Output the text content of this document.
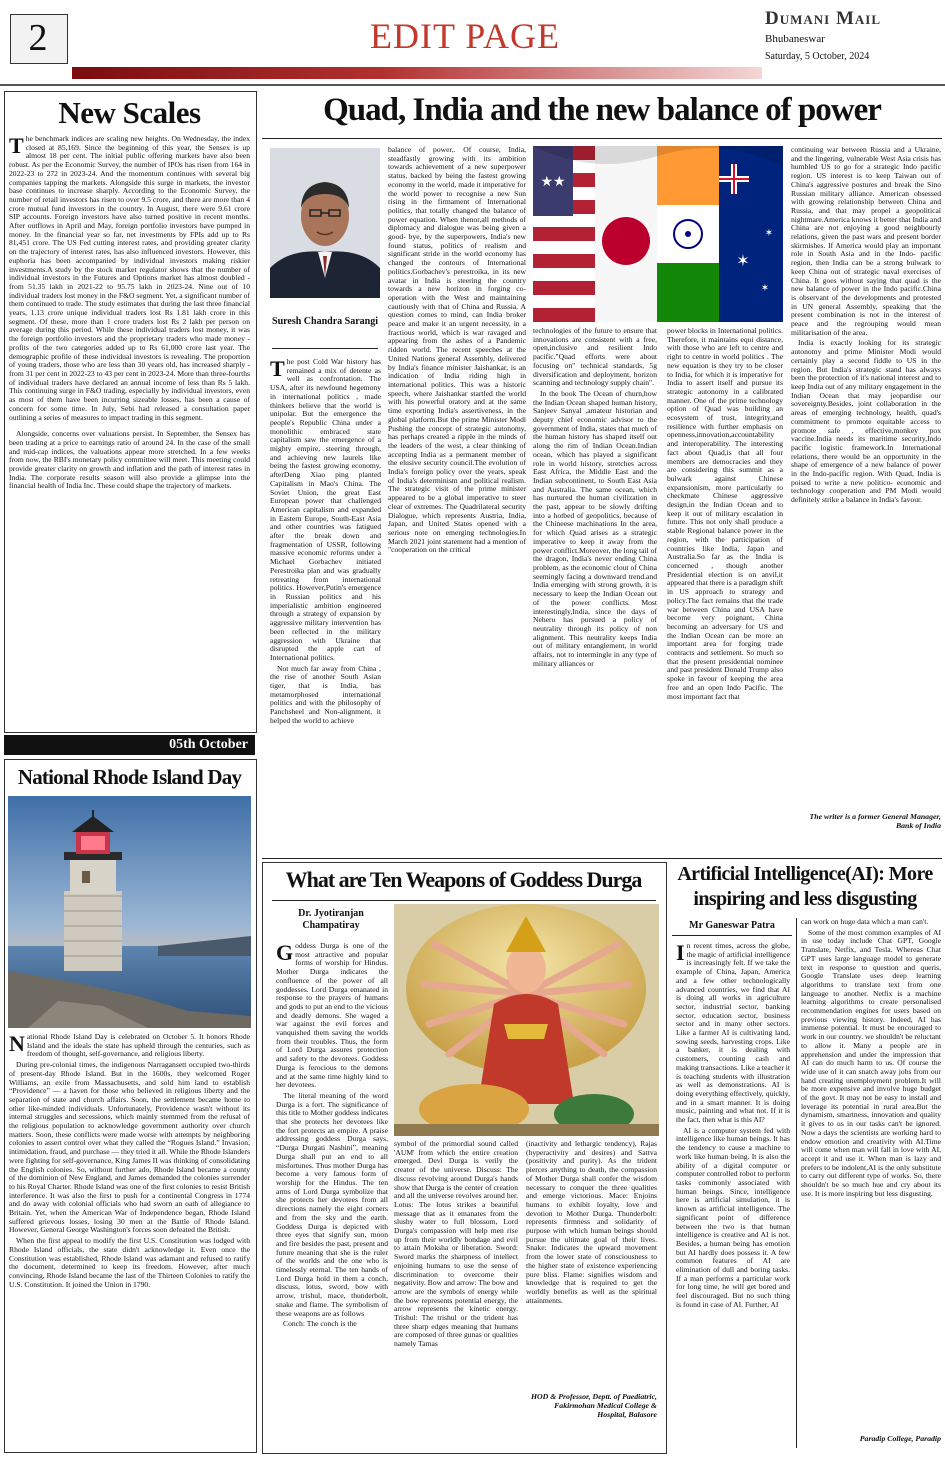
2	EDIT PAGE	Dumani Mail
Bhubaneswar
Saturday, 5 October, 2024
New Scales

The benchmark indices are scaling new heights. On Wednesday, the index closed at 85,169. Since the beginning of this year, the Sensex is up almost 18 per cent. The initial public offering markets have also been robust. As per the Economic Survey, the number of IPOs has risen from 164 in 2022-23 to 272 in 2023-24. And the momentum continues with several big companies tapping the markets. Alongside this surge in markets, the investor base continues to increase sharply. According to the Economic Survey, the number of retail investors has risen to over 9.5 crore, and there are more than 4 crore mutual fund investors in the country. In August, there were 9.61 crore SIP accounts. Foreign investors have also turned positive in recent months. After outflows in April and May, foreign portfolio investors have pumped in money. In the financial year so far, net investments by FPIs add up to Rs 81,451 crore. The US Fed cutting interest rates, and providing greater clarity on the trajectory of interest rates, has also influenced investors. However, this euphoria has been accompanied by individual investors making riskier investments.A study by the stock market regulator shows that the number of individual investors in the Futures and Options market has almost doubled - from 51.35 lakh in 2021-22 to 95.75 lakh in 2023-24. Nine out of 10 individual traders lost money in the F&O segment. Yet, a significant number of them continued to trade. The study estimates that during the last three financial years, 1.13 crore unique individual traders lost Rs 1.81 lakh crore in this segment. Of these, more than 1 crore traders lost Rs 2 lakh per person on average during this period. While these individual traders lost money, it was the foreign portfolio investors and the proprietary traders who made money - profits of the two categories added up to Rs 61,000 crore last year. The demographic profile of these individual investors is revealing. The proportion of young traders, those who are less than 30 years old, has increased sharply - from 31 per cent in 2022-23 to 43 per cent in 2023-24. More than three-fourths of individual traders have declared an annual income of less than Rs 5 lakh. This continuing surge in F&O trading, especially by individual investors, even as most of them have been incurring sizeable losses, has been a cause of concern for some time. In July, Sebi had released a consultation paper outlining a series of measures to impact trading in this segment.

Alongside, concerns over valuations persist. In September, the Sensex has been trading at a price to earnings ratio of around 24. In the case of the small and mid-cap indices, the valuations appear more stretched. In a few weeks from now, the RBI's monetary policy committee will meet. This meeting could provide greater clarity on growth and inflation and the path of interest rates in India. The corporate results season will also provide a glimpse into the financial health of India Inc. These could shape the trajectory of markets.

05th October
National Rhode Island Day

National Rhode Island Day is celebrated on October 5. It honors Rhode Island and the ideals the state has upheld through the centuries, such as freedom of thought, self-governance, and religious liberty.

During pre-colonial times, the indigenous Narragansett occupied two-thirds of present-day Rhode Island. But in the 1600s, they welcomed Roger Williams, an exile from Massachusetts, and sold him land to establish “Providence” — a haven for those who believed in religious liberty and the separation of state and church affairs. Soon, the settlement became home to other like-minded individuals. Unfortunately, Providence wasn't without its internal struggles and secessions, which mainly stemmed from the refusal of the religious population to acknowledge government authority over church matters. Soon, these conflicts were made worse with attempts by neighboring colonies to assert control over what they called the “Rogues Island.” Invasion, intimidation, fraud, and purchase — they tried it all. While the Rhode Islanders were fighting for self-governance, King James II was thinking of consolidating the English colonies. So, without further ado, Rhode Island became a county of the dominion of New England, and James demanded the colonies surrender to his Royal Charter. Rhode Island was one of the first colonies to resist British interference. It was also the first to push for a continental Congress in 1774 and do away with colonial officials who had sworn an oath of allegiance to Britain. Yet, when the American War of Independence began, Rhode Island suffered grievous losses, losing 30 men at the Battle of Rhode Island. However, General George Washington's forces soon defeated the British.

When the first appeal to modify the first U.S. Constitution was lodged with Rhode Island officials, the state didn't acknowledge it. Even once the Constitution was established, Rhode Island was adamant and refused to ratify the document, determined to keep its freedom. However, after much convincing, Rhode Island became the last of the Thirteen Colonies to ratify the U.S. Constitution. It joined the Union in 1790.

Quad, India and the new balance of power
Suresh Chandra Sarangi

The post Cold War history has remained a mix of detente as well as confrontation. The USA, after its newfound hegemony in international politics , made thinkers believe that the world is unipolar. But the emergence the people's Republic China under a monolithic embraced state capitalism saw the emergence of a mighty empire, steering through, and achieving new laurels like being the fastest growing economy, afterDeng Xiao ping planted Capitalism in Mao's China. The Soviet Union, the great East European power that challenged American capitalism and expanded in Eastern Europe, South-East Asia and other countries was fatigued after the break down and fragmentation of USSR, following massive economic reforms under a Michael Gorbachev initiated Perestroika plan and was gradually retreating from international politics. However,Putin's emergence in Russian politics and his imperialistic ambition engineered through a strategy of expansion by aggressive military intervention has been reflected in the military aggression with Ukraine that disrupted the apple cart of International politics.

Not much far away from China , the rise of another South Asian tiger, that is India, has metamorphosed international politics and with the philosophy of Panchsheel and Non-alignment, it helped the world to achieve

balance of power,. Of course, India, steadfastly growing with its ambition towards achievement of a new superpower status, backed by being the fastest growing economy in the world, made it imperative for the world power to recognise a new Sun rising in the firmament of International politics, that totally changed the balance of power equation. When thenor,all methods of diplomacy and dialogue was being given a good- bye, by the superpowers, India's new found status, politics of realism and significant stride in the world economy has changed the contours of International politics.Gorbachev's perestroika, in its new avatar in India is steering the country towards a new horizon in forging co-operation with the West and maintaining cautiously with that of China and Russia. A question comes to mind, can India broker peace and make it an urgent necessity, in a fractious world, which is war ravaged and appearing from the ashes of a Pandemic ridden world. The recent speeches at the United Nations general Assembly, delivered by India's finance minister Jaishankar, is an indication of India riding high in international politics. This was a historic speech, where Jaishankar startled the world with his powerful oratory and at the same time exporting India's assertiveness, in the global platform.But the prime Minister Modi Pushing the concept of strategic autonomy, has perhaps created a ripple in the minds of the leaders of the west, a clear thinking of accepting India as a permanent member of the elusive security council.The evolution of India's foreign policy over the years, speak of India's determinism and political realism. The strategic visit of the prime minister appeared to be a global imperative to steer clear of extremes. The Quadrilateral security Dialogue, which represents Austria, India, Japan, and United States opened with a serious note on emerging technologies.In March 2021 joint statement had a mention of "cooperation on the critical

★★
✶
✶
✶

technologies of the future to ensure that innovations are consistent with a free, open,inclusive and resilient Indo pacific."Quad efforts were about focusing on" technical standards, 5g diversification and deployment, horizon scanning and technology supply chain".

In the book The Ocean of churn,how the Indian Ocean shaped human history, Sanjeev Sanyal ,amateur historian and deputy chief economic advisor to the government of India, states that much of the human history has shaped itself out along the rim of Indian Ocean.Indian ocean, which has played a significant role in world history, stretches across East Africa, the Middle East and the Indian subcontinent, to South East Asia and Australia. The same ocean, which has nurtured the human civilization in the past, appear to be slowly drifting into a hotbed of geopolitics, because of the Chineese machinations In the area, for which Quad arises as a strategic imperative to keep it away from the power conflict.Moreover, the long tail of the dragon, India's never ending China problem, as the economic clout of China seemingly facing a downward trend.and India emerging with strong growth, it is necessary to keep the Indian Ocean out of the power conflicts. Most interestingly,India, since the days of Neheru has pursued a policy of neutrality through its policy of non alignment. This neutrality keeps India out of military entanglement, in world affairs, not to intermingle in any type of military alliances or

power blocks in International politics. Therefore, it maintains equi distance, with those who are left to centre and right to centre in world politics . The new equation is they try to be closer to India, for which it is imperative for India to assert itself and pursue its strategic autonomy in a calibrated manner. One of the prime technology option of Quad was building an ecosystem of trust, integrity,and resilience with further emphasis on openness,innovation,accountability and interoperability. The interesting fact about Quad,is that all four members are democracies and they are considering this summit as a bulwark against Chinese expansionism, more particularly to checkmate Chinese aggressive design,in the Indian Ocean and to keep it out of military escalation in future. This not only shall produce a stable Regional balance power in the region, with the participation of countries like India, Japan and Australia.So far as the India is concerned , though another Presidential election is on anvil,it appeared that there is a paradigm shift in US approach to strategy and policy.The fact remains that the trade war between China and USA have become very poignant, China becoming an adversary for US and the Indian Ocean can be more an important area for forging trade contracts and settlement. So much so that the present presidential nominee and past president Donald Trump also spoke in favour of keeping the area free and an open Indo Pacific. The most important fact that

continuing war between Russia and a Ukraine, and the lingering, vulnerable West Asia crisis has humbled US to go for a strategic Indo pacific region. US interest is to keep Taiwan out of China's aggressive postures and break the Sino Russian military alliance. American obsessed with growing relationship between China and Russia, and that may propel a geopolitical nightmare.America knows it better that India and China are not enjoying a good neighbourly relations, given the past wars and present border skirmishes. If America would play an important role in South Asia and in the Indo- pacific region, then India can be a strong bulwark to keep China out of strategic naval exercises of China. It goes without saying that quad is the new balance of power in the Indo pacific.China is observant of the developments and protested in UN general Assembly, speaking that the present combination is not in the interest of peace and the regrouping would mean militarisation of the area.

India is exactly looking for its strategic autonomy and prime Minister Modi would certainly play a second fiddle to US in the region. But India's strategic stand has always been the protection of it's national interest and to keep India out of any military engagement in the Indian Ocean that may jeopardise our sovereignty.Besides, joint collaboration in the areas of emerging technology, health, quad's commitment to promote equitable access to promote safe , effective,monkey pox vaccine.India needs its maritime security,Indo pacific logistic framework.In International relations, there would be an opportunity in the shape of emergence of a new balance of power in the Indo-pacific region. With Quad, India is poised to write a new politico- economic and technology cooperation and PM Modi would definitely strike a balance in India's favour.

The writer is a former General Manager, Bank of India
What are Ten Weapons of Goddess Durga
Dr. Jyotiranjan Champatiray

Goddess Durga is one of the most attractive and popular forms of worship for Hindus. Mother Durga indicates the confluence of the power of all goddesses. Lord Durga emanated in response to the prayers of humans and gods to put an end to the vicious and deadly demons. She waged a war against the evil forces and vanquished them saving the worlds from their troubles. Thus, the form of Lord Durga assures protection and safety to the devotees. Goddess Durga is ferocious to the demons and at the same time highly kind to her devotees.

The literal meaning of the word Durga is a fort. The significance of this title to Mother goddess indicates that she protects her devotees like the fort protects an empire. A praise addressing goddess Durga says, “Durga Durgati Nashini”, meaning Durga shall put an end to all misfortunes. Thus mother Durga has become a very famous form of worship for the Hindus. The ten arms of Lord Durga symbolize that she protects her devotees from all directions namely the eight corners and from the sky and the earth. Goddess Durga is depicted with three eyes that signify sun, moon and fire besides the past, present and future meaning that she is the ruler of the worlds and the one who is timelessly eternal. The ten hands of Lord Durga hold in them a conch, discuss, lotus, sword, bow with arrow, trishul, mace, thunderbolt, snake and flame. The symbolism of these weapons are as follows

Conch: The conch is the

symbol of the primordial sound called 'AUM' from which the entire creation emerged. Devi Durga is verily the creator of the universe. Discuss: The discuss revolving around Durga's hands show that Durga is the center of creation and all the universe revolves around her. Lotus: The lotus strikes a beautiful message that as it emanates from the slushy water to full blossom, Lord Durga's compassion will help men rise up from their worldly bondage and evil to attain Moksha or liberation. Sword: Sword marks the sharpness of intellect enjoining humans to use the sense of discrimination to overcome their negativity. Bow and arrow: The bow and arrow are the symbols of energy while the bow represents potential energy, the arrow represents the kinetic energy. Trishul: The trishul or the trident has three sharp edges meaning that humans are composed of three gunas or qualities namely Tamas

(inactivity and lethargic tendency), Rajas (hyperactivity and desires) and Sattva (positivity and purity). As the trident pierces anything to death, the compassion of Mother Durga shall confer the wisdom necessary to conquer the three qualities and emerge victorious. Mace: Enjoins humans to exhibit loyalty, love and devotion to Mother Durga. Thunderbolt: represents firmness and solidarity of purpose with which human beings should pursue the ultimate goal of their lives. Snake: Indicates the upward movement from the lower state of consciousness to the higher state of existence experiencing pure bliss. Flame: signifies wisdom and knowledge that is required to get the worldly benefits as well as the spiritual attainments.

HOD & Professor, Deptt. of Paediatric, Fakirmohan Medical College & Hospital, Balasore
Artificial Intelligence(AI): More inspiring and less disgusting
Mr Ganeswar Patra

In recent times, across the globe, the magic of artificial intelligence is increasingly felt. If we take the example of China, Japan, America and a few other technologically advanced countries, we find that AI is doing all works in agriculture sector, industrial sector, banking sector, education sector, business sector and in many other sectors. Like a farmer AI is cultivating land, sowing seeds, harvesting crops. Like a banker, it is dealing with customers, counting cash and making transactions. Like a teacher it is teaching students with illustration as well as demonstrations. AI is doing everything effectively, quickly, and in a smart manner. It is doing music, painting and what not. If it is the fact, then what is this AI?

AI is a computer system fed with intelligence like human beings. It has the tendency to cause a machine to work like human being. It is also the ability of a digital computer or computer controlled robot to perform tasks commonly associated with human beings. Since, intelligence here is artificial simulation, it is known as artificial intelligence. The significant point of difference between the two is that human intelligence is creative and AI is not. Besides, a human being has emotion but AI hardly does possess it. A few common features of AI are elimination of dull and boring tasks. If a man performs a particular work for long time, he will get bored and feel discouraged. But no such thing is found in case of AI. Further, AI

can work on huge data which a man can't.

Some of the most common examples of AI in use today include Chat GPT, Google Translate, Netfix, and Tesla. Whereas Chat GPT uses large language model to generate text in response to question and queris, Google Translate uses deep learning algorithms to translate text from one language to another. Netfix is a machine learning algorithms to create personalised recommendation engines for users based on previous viewing history. Indeed, AI has immense potential. It must be encouraged to work in our country. we shouldn't be reluctant to allow it. Many a people are in apprehension and under the impression that AI can do much harm to us. Of course the wide use of it can snatch away jobs from our hand creating unemployment problem.It will be more expensive and involve huge budget of the govt. It may not be easy to install and leverage its potential in rural area.But the dynamism, smartness, innovation and quality it gives to us in our tasks can't be ignored. Now a days the scientists are working hard to endow emotion and creativity with AI.Time will come when man will fall in love with AI, accept it and use it. When man is lazy and prefers to be indolent,AI is the only substitute to carry out different type of works. So, there shouldn't be so much hue and cry about its use. It is more inspiring but less disgusting.

Paradip College, Paradip
